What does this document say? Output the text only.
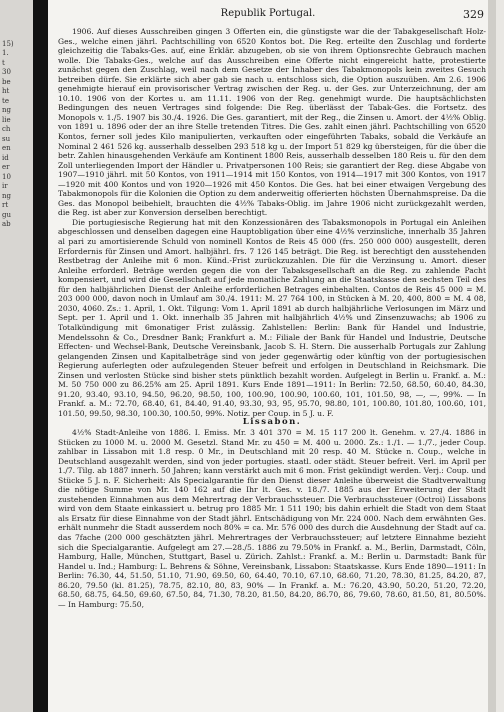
15)
1.
t
30
be
ht
te
ng
lie
ch
su
en
id
er
10
ir
ng
rt
gu
ab
Republik Portugal.	329

1906. Auf dieses Ausschreiben gingen 3 Offerten ein, die günstigste war die der Tabakgesellschaft Holz-Ges., welche einen jährl. Pachtschilling von 6520 Kontos bot. Die Reg. erteilte den Zuschlag und forderte gleichzeitig die Tabaks-Ges. auf, eine Erklär. abzugeben, ob sie von ihrem Optionsrechte Gebrauch machen wolle. Die Tabaks-Ges., welche auf das Ausschreiben eine Offerte nicht eingereicht hatte, protestierte zunächst gegen den Zuschlag, weil nach dem Gesetze der Inhaber des Tabakmonopols kein zweites Gesuch betreiben dürfe. Sie erklärte sich aber gab sie nach u. entschloss sich, die Option auszuüben. Am 2.6. 1906 genehmigte hierauf ein provisorischer Vertrag zwischen der Reg. u. der Ges. zur Unterzeichnung, der am 10.10. 1906 von der Kortes u. am 11.11. 1906 von der Reg. genehmigt wurde. Die hauptsächlichsten Bedingungen des neuen Vertrages sind folgende: Die Reg. überlässt der Tabak-Ges. die Fortsetz. des Monopols v. 1./5. 1907 bis 30./4. 1926. Die Ges. garantiert, mit der Reg., die Zinsen u. Amort. der 4½% Oblig. von 1891 u. 1896 oder der an ihre Stelle tretenden Titres. Die Ges. zahlt einen jährl. Pachtschilling von 6520 Kontos, ferner soll jedes Kilo manipulierten, verkauften oder eingeführten Tabaks, sobald die Verkäufe an Nominal 2 461 526 kg. ausserhalb desselben 293 518 kg u. der Import 51 829 kg übersteigen, für die über die betr. Zahlen hinausgehenden Verkäufe am Kontinent 1800 Reis, ausserhalb desselben 180 Reis u. für den dem Zoll unterliegenden Import der Händler u. Privatpersonen 100 Reis; sie garantiert der Reg. diese Abgabe von 1907—1910 jährl. mit 50 Kontos, von 1911—1914 mit 150 Kontos, von 1914—1917 mit 300 Kontos, von 1917—1920 mit 400 Kontos und von 1920—1926 mit 450 Kontos. Die Ges. hat bei einer etwaigen Vergebung des Tabakmonopols für die Kolonien die Option zu dem anderweitig offerierten höchsten Übernahmspreise. Da die Ges. das Monopol beibehielt, brauchten die 4½% Tabaks-Oblig. im Jahre 1906 nicht zurückgezahlt werden, die Reg. ist aber zur Konversion derselben berechtigt.

Die portugiesische Regierung hat mit den Konzessionären des Tabaksmonopols in Portugal ein Anleihen abgeschlossen und denselben dagegen eine Hauptobligation über eine 4½% verzinsliche, innerhalb 35 Jahren al pari zu amortisierende Schuld von nominell Kontos de Reis 45 000 (frs. 250 000 000) ausgestellt, deren Erfordernis für Zinsen und Amort. halbjährl. frs. 7 126 145 beträgt. Die Reg. ist berechtigt den ausstehenden Restbetrag der Anleihe mit 6 mon. Künd.-Frist zurückzuzahlen. Die für die Verzinsung u. Amort. dieser Anleihe erforderl. Beträge werden gegen die von der Tabaksgesellschaft an die Reg. zu zahlende Pacht kompensiert, und wird die Gesellschaft auf jede monatliche Zahlung an die Staatskasse den sechsten Teil des für den halbjährlichen Dienst der Anleihe erforderlichen Betrages einbehalten. Contos de Reis 45 000 = M. 203 000 000, davon noch in Umlauf am 30./4. 1911: M. 27 764 100, in Stücken à M. 20, 400, 800 = M. 4 08, 2030, 4060. Zs.: 1. April, 1. Okt. Tilgung: Vom 1. April 1891 ab durch halbjährliche Verlosungen im März und Sept. per 1. April und 1. Okt. innerhalb 35 Jahren mit halbjährlich 4½% und Zinsenzuwachs; ab 1906 zu Totalkündigung mit 6monatiger Frist zulässig. Zahlstellen: Berlin: Bank für Handel und Industrie, Mendelssohn & Co., Dresdner Bank; Frankfurt a. M.: Filiale der Bank für Handel und Industrie, Deutsche Effecten- und Wechsel-Bank, Deutsche Vereinsbank, Jacob S. H. Stern. Die ausserhalb Portugals zur Zahlung gelangenden Zinsen und Kapitalbeträge sind von jeder gegenwärtig oder künftig von der portugiesischen Regierung auferlegten oder aufzulegenden Steuer befreit und erfolgen in Deutschland in Reichsmark. Die Zinsen und verlosten Stücke sind bisher stets pünktlich bezahlt worden. Aufgelegt in Berlin u. Frankf. a. M.: M. 50 750 000 zu 86.25% am 25. April 1891. Kurs Ende 1891—1911: In Berlin: 72.50, 68.50, 60.40, 84.30, 91.20, 93.40, 93.10, 94.50, 96.20, 98.50, 100, 100.90, 100.90, 100.60, 101, 101.50, 98, —, —, 99%. — In Frankf. a. M.: 72.70, 68.40, 61, 84.40, 91.40, 93.30, 93, 95, 95.70, 98.80, 101, 100.80, 101.80, 100.60, 101, 101.50, 99.50, 98.30, 100.30, 100.50, 99%. Notiz. per Coup. in 5 J. u. F.

Lissabon.

4½% Stadt-Anleihe von 1886. I. Emiss. Mr. 3 401 370 = M. 15 117 200 lt. Genehm. v. 27./4. 1886 in Stücken zu 1000 M. u. 2000 M. Gesetzl. Stand Mr. zu 450 = M. 400 u. 2000. Zs.: 1./1. — 1./7., jeder Coup. zahlbar in Lissabon mit 1.8 resp. 0 Mr., in Deutschland mit 20 resp. 40 M. Stücke n. Coup., welche in Deutschland ausgezahlt werden, sind von jeder portugies. staatl. oder städt. Steuer befreit. Verl. im April per 1./7. Tilg. ab 1887 innerh. 50 Jahren; kann verstärkt auch mit 6 mon. Frist gekündigt werden. Verj.: Coup. und Stücke 5 J. n. F. Sicherheit: Als Specialgarantie für den Dienst dieser Anleihe überweist die Stadtverwaltung die nötige Summe von Mr. 140 162 auf die Ihr lt. Ges. v. 18./7. 1885 aus der Erweiterung der Stadt zustehenden Einnahmen aus dem Mehrertrag der Verbrauchssteuer. Die Verbrauchssteuer (Octroi) Lissabons wird von dem Staate einkassiert u. betrug pro 1885 Mr. 1 511 190; bis dahin erhielt die Stadt von dem Staat als Ersatz für diese Einnahme von der Stadt jährl. Entschädigung von Mr. 224 000. Nach dem erwähnten Ges. erhält nunmehr die Stadt ausserdem noch 80% = ca. Mr. 576 000 des durch die Ausdehnung der Stadt auf ca. das 7fache (200 000 geschätzten jährl. Mehrertrages der Verbrauchssteuer; auf letztere Einnahme bezieht sich die Specialgarantie. Aufgelegt am 27.—28./5. 1886 zu 79.50% in Frankf. a. M., Berlin, Darmstadt, Cöln, Hamburg, Halle, München, Stuttgart, Basel u. Zürich. Zahlst.: Frankf. a. M.: Berlin u. Darmstadt: Bank für Handel u. Ind.; Hamburg: L. Behrens & Söhne, Vereinsbank, Lissabon: Staatskasse. Kurs Ende 1890—1911: In Berlin: 76.30, 44, 51.50, 51.10, 71.90, 69.50, 60, 64.40, 70.10, 67.10, 68.60, 71.20, 78.30, 81.25, 84.20, 87, 86.20, 79.50 (kl. 81.25), 78.75, 82.10, 80, 83, 90% — In Frankf. a. M.: 76.20, 43.90, 50.20, 51.20, 72.20, 68.50, 68.75, 64.50, 69.60, 67.50, 84, 71.30, 78.20, 81.50, 84.20, 86.70, 86, 79.60, 78.60, 81.50, 81, 80.50%. — In Hamburg: 75.50,
